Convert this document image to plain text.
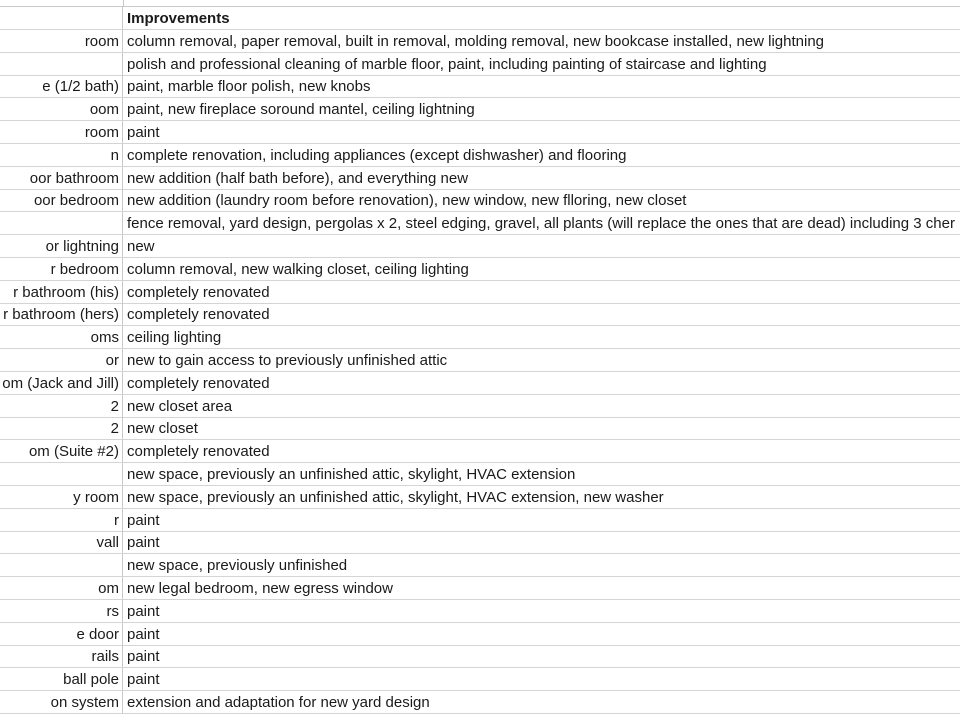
Improvements
room column removal, paper removal, built in removal, molding removal, new bookcase installed, new lightning
polish and professional cleaning of marble floor, paint, including painting of staircase and lighting
e (1/2 bath) paint, marble floor polish, new knobs
oom paint, new fireplace soround mantel, ceiling lightning
room paint
n complete renovation, including appliances (except dishwasher) and flooring
oor bathroom new addition (half bath before), and everything new
oor bedroom new addition (laundry room before renovation), new window, new flloring, new closet
fence removal, yard design, pergolas x 2, steel edging, gravel, all plants (will replace the ones that are dead) including 3 cher
or lightning new
r bedroom column removal, new walking closet, ceiling lighting
r bathroom (his) completely renovated
r bathroom (hers) completely renovated
oms ceiling lighting
or new to gain access to previously unfinished attic
om (Jack and Jill) completely renovated
2 new closet area
2 new closet
om (Suite #2) completely renovated
new space, previously an unfinished attic, skylight, HVAC extension
y room new space, previously an unfinished attic, skylight, HVAC extension, new washer
r paint
vall paint
new space, previously unfinished
om new legal bedroom, new egress window
rs paint
e door paint
rails paint
ball pole paint
on system extension and adaptation for new yard design
